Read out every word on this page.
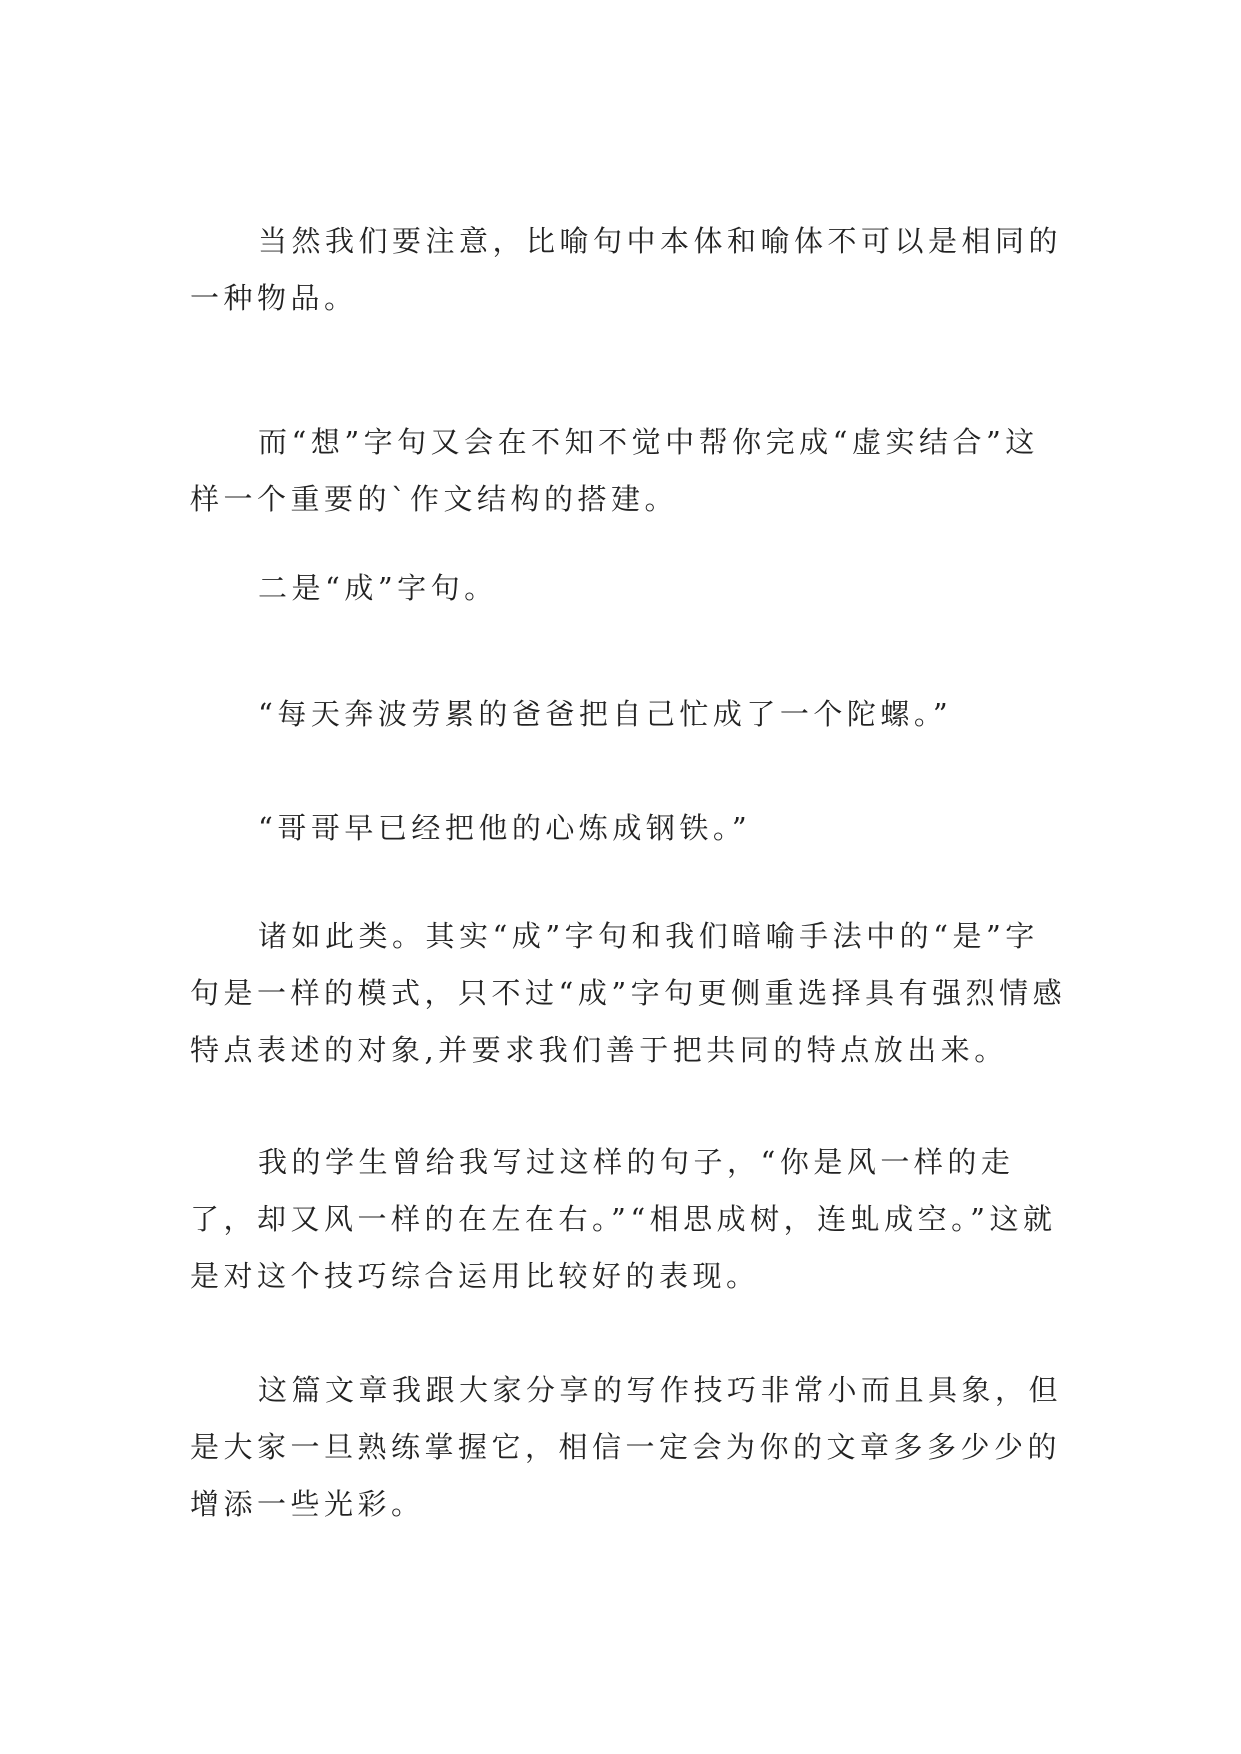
当然我们要注意，比喻句中本体和喻体不可以是相同的一种物品。

而“想”字句又会在不知不觉中帮你完成“虚实结合”这样一个重要的`作文结构的搭建。

二是“成”字句。

“每天奔波劳累的爸爸把自己忙成了一个陀螺。”

“哥哥早已经把他的心炼成钢铁。”

诸如此类。其实“成”字句和我们暗喻手法中的“是”字句是一样的模式，只不过“成”字句更侧重选择具有强烈情感特点表述的对象,并要求我们善于把共同的特点放出来。

我的学生曾给我写过这样的句子，“你是风一样的走了，却又风一样的在左在右。”“相思成树，连虬成空。”这就是对这个技巧综合运用比较好的表现。

这篇文章我跟大家分享的写作技巧非常小而且具象，但是大家一旦熟练掌握它，相信一定会为你的文章多多少少的增添一些光彩。
